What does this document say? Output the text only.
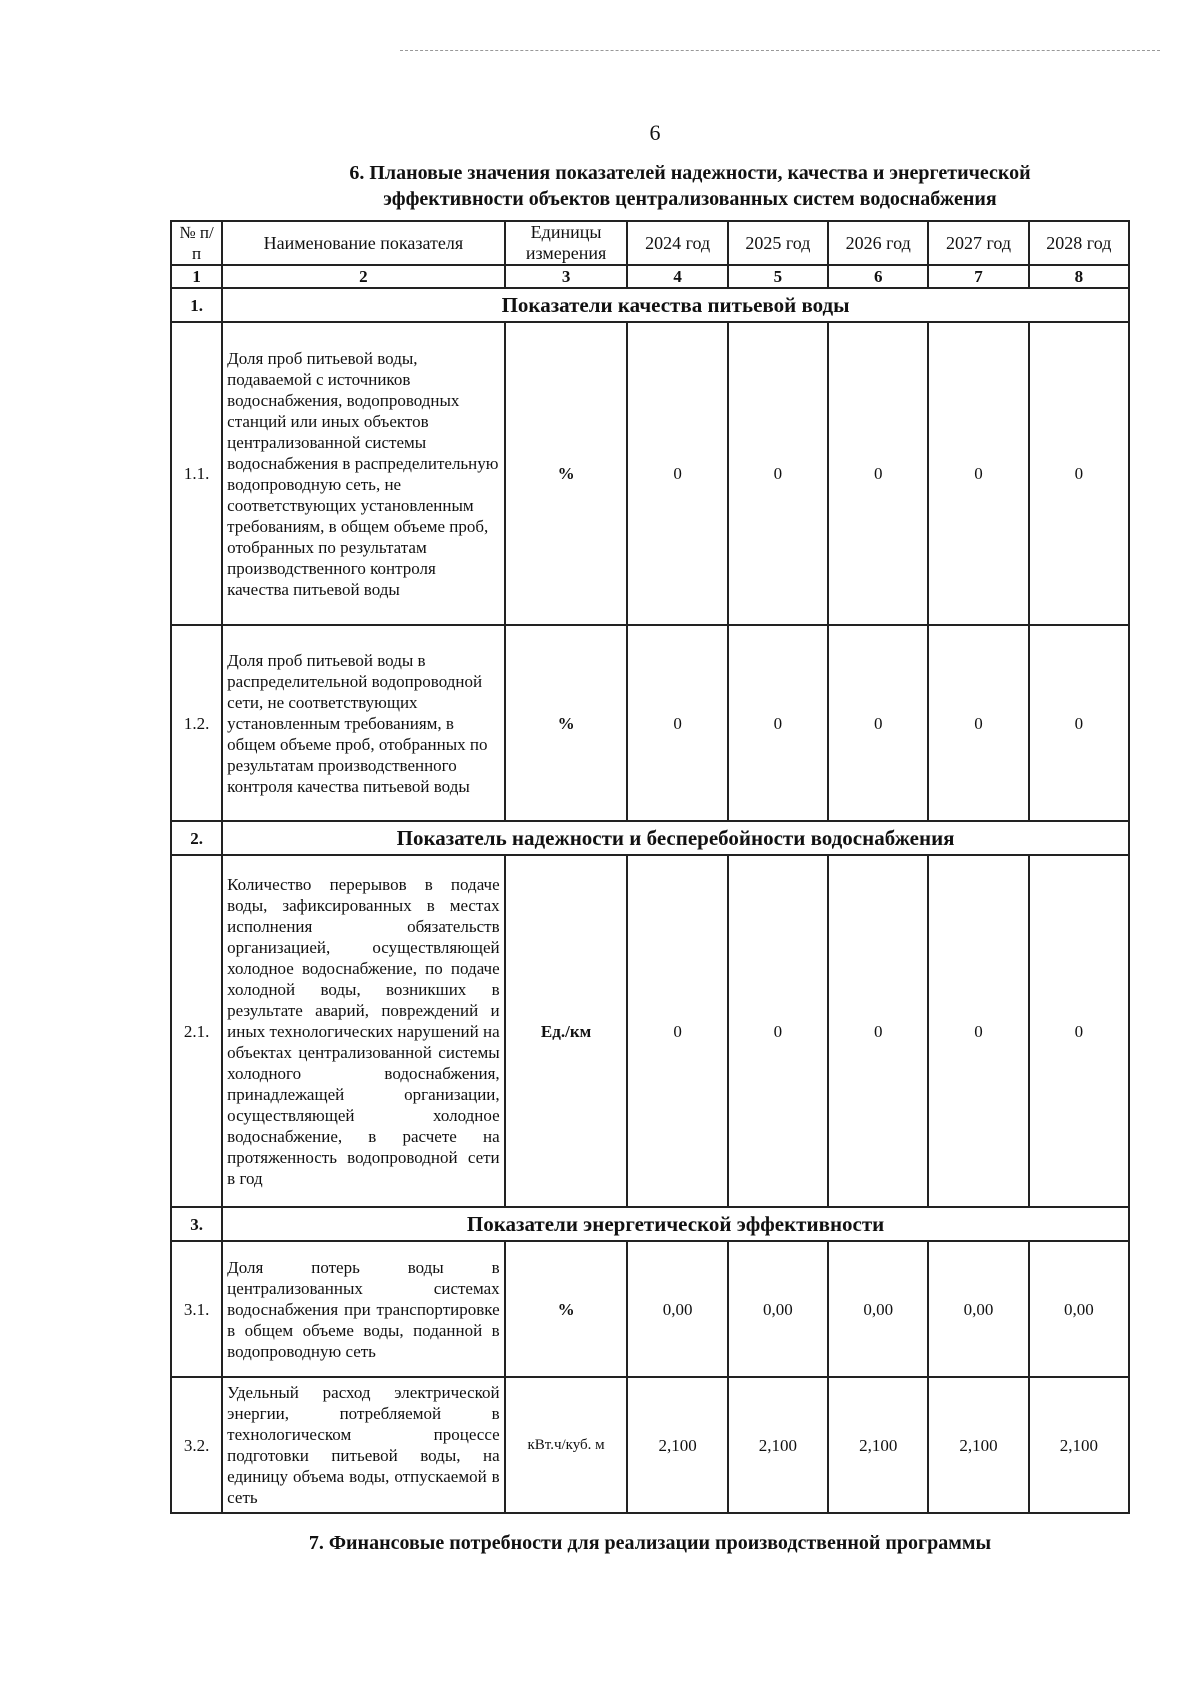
6
6. Плановые значения показателей надежности, качества и энергетической
эффективности объектов централизованных систем водоснабжения
№ п/п	Наименование показателя	Единицы измерения	2024 год	2025 год	2026 год	2027 год	2028 год
1	2	3	4	5	6	7	8
1.	Показатели качества питьевой воды						
1.1.	Доля проб питьевой воды, подаваемой с источников водоснабжения, водопроводных станций или иных объектов централизованной системы водоснабжения в распределительную водопроводную сеть, не соответствующих установленным требованиям, в общем объеме проб, отобранных по результатам производственного контроля качества питьевой воды	%	0	0	0	0	0
1.2.	Доля проб питьевой воды в распределительной водопроводной сети, не соответствующих установленным требованиям, в общем объеме проб, отобранных по результатам производственного контроля качества питьевой воды	%	0	0	0	0	0
2.	Показатель надежности и бесперебойности водоснабжения						
2.1.	Количество перерывов в подаче воды, зафиксированных в местах исполнения обязательств организацией, осуществляющей холодное водоснабжение, по подаче холодной воды, возникших в результате аварий, повреждений и иных технологических нарушений на объектах централизованной системы холодного водоснабжения, принадлежащей организации, осуществляющей холодное водоснабжение, в расчете на протяженность водопроводной сети в год	Ед./км	0	0	0	0	0
3.	Показатели энергетической эффективности						
3.1.	Доля потерь воды в централизованных системах водоснабжения при транспортировке в общем объеме воды, поданной в водопроводную сеть	%	0,00	0,00	0,00	0,00	0,00
3.2.	Удельный расход электрической энергии, потребляемой в технологическом процессе подготовки питьевой воды, на единицу объема воды, отпускаемой в сеть	кВт.ч/куб. м	2,100	2,100	2,100	2,100	2,100
7. Финансовые потребности для реализации производственной программы
